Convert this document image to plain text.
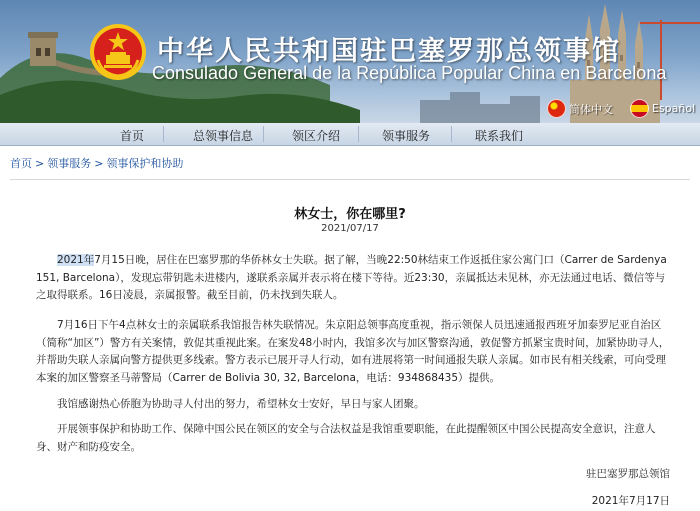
中华人民共和国驻巴塞罗那总领事馆
Consulado General de la República Popular China en Barcelona
简体中文	Español
首页	总领事信息	领区介绍	领事服务	联系我们
首页 > 领事服务 > 领事保护和协助
林女士，你在哪里?
2021/07/17

　　2021年7月15日晚，居住在巴塞罗那的华侨林女士失联。据了解，当晚22:50林结束工作返抵住家公寓门口（Carrer de Sardenya 151, Barcelona），发现忘带钥匙未进楼内，遂联系亲属并表示将在楼下等待。近23:30，亲属抵达未见林，亦无法通过电话、微信等与之取得联系。16日凌晨，亲属报警。截至目前，仍未找到失联人。

　　7月16日下午4点林女士的亲属联系我馆报告林失联情况。朱京阳总领事高度重视，指示领保人员迅速通报西班牙加泰罗尼亚自治区（简称“加区”）警方有关案情，敦促其重视此案。在案发48小时内，我馆多次与加区警察沟通，敦促警方抓紧宝贵时间，加紧协助寻人，并帮助失联人亲属向警方提供更多线索。警方表示已展开寻人行动，如有进展将第一时间通报失联人亲属。如市民有相关线索，可向受理本案的加区警察圣马蒂警局（Carrer de Bolivia 30, 32, Barcelona，电话：934868435）提供。

　　我馆感谢热心侨胞为协助寻人付出的努力，希望林女士安好，早日与家人团聚。

　　开展领事保护和协助工作、保障中国公民在领区的安全与合法权益是我馆重要职能，在此提醒领区中国公民提高安全意识，注意人身、财产和防疫安全。

驻巴塞罗那总领馆
2021年7月17日
